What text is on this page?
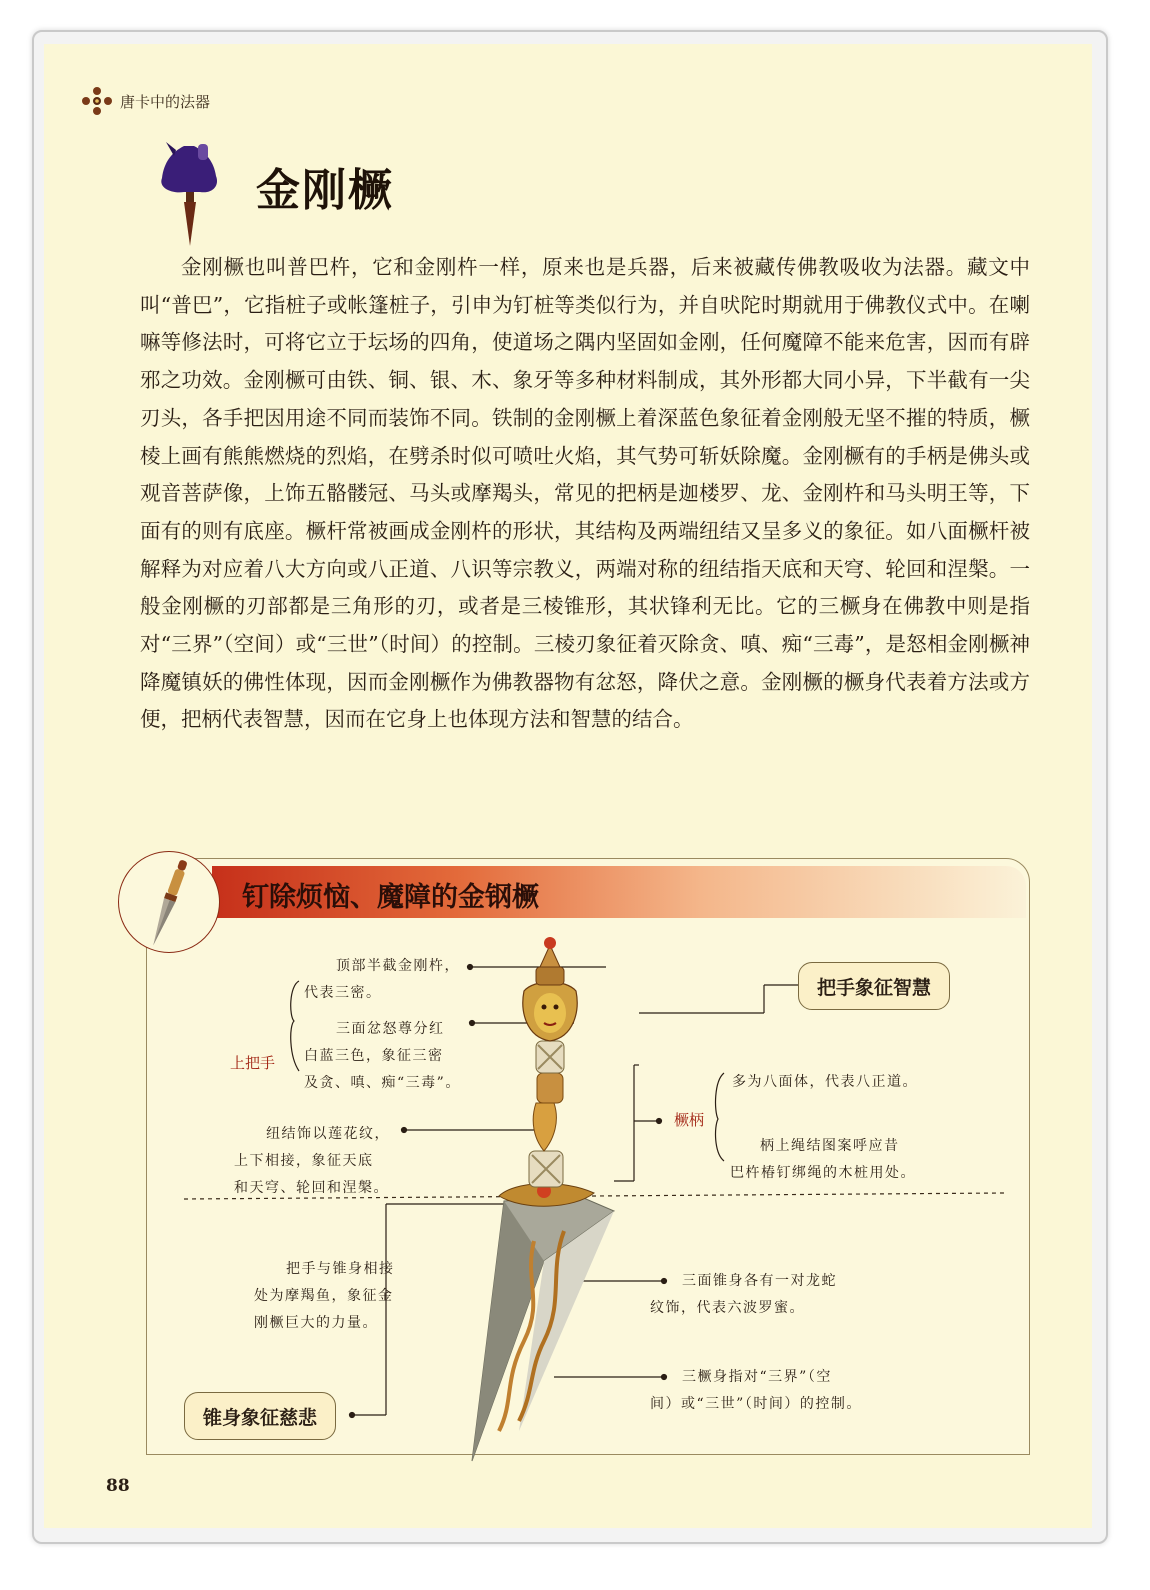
唐卡中的法器
金刚橛
金刚橛也叫普巴杵，它和金刚杵一样，原来也是兵器，后来被藏传佛教吸收为法器。藏文中叫“普巴”，它指桩子或帐篷桩子，引申为钉桩等类似行为，并自吠陀时期就用于佛教仪式中。在喇嘛等修法时，可将它立于坛场的四角，使道场之隅内坚固如金刚，任何魔障不能来危害，因而有辟邪之功效。金刚橛可由铁、铜、银、木、象牙等多种材料制成，其外形都大同小异，下半截有一尖刃头，各手把因用途不同而装饰不同。铁制的金刚橛上着深蓝色象征着金刚般无坚不摧的特质，橛棱上画有熊熊燃烧的烈焰，在劈杀时似可喷吐火焰，其气势可斩妖除魔。金刚橛有的手柄是佛头或观音菩萨像，上饰五骼髅冠、马头或摩羯头，常见的把柄是迦楼罗、龙、金刚杵和马头明王等，下面有的则有底座。橛杆常被画成金刚杵的形状，其结构及两端纽结又呈多义的象征。如八面橛杆被解释为对应着八大方向或八正道、八识等宗教义，两端对称的纽结指天底和天穹、轮回和涅槃。一般金刚橛的刃部都是三角形的刃，或者是三棱锥形，其状锋利无比。它的三橛身在佛教中则是指对“三界”（空间）或“三世”（时间）的控制。三棱刃象征着灭除贪、嗔、痴“三毒”，是怒相金刚橛神降魔镇妖的佛性体现，因而金刚橛作为佛教器物有忿怒，降伏之意。金刚橛的橛身代表着方法或方便，把柄代表智慧，因而在它身上也体现方法和智慧的结合。
钉除烦恼、魔障的金钢橛
上把手
顶部半截金刚杵，
代表三密。
三面忿怒尊分红
白蓝三色，象征三密
及贪、嗔、痴“三毒”。
纽结饰以莲花纹，
上下相接，象征天底
和天穹、轮回和涅槃。
把手象征智慧
橛柄
多为八面体，代表八正道。
柄上绳结图案呼应昔
巴杵椿钉绑绳的木桩用处。
把手与锥身相接
处为摩羯鱼，象征金
刚橛巨大的力量。
三面锥身各有一对龙蛇
纹饰，代表六波罗蜜。
三橛身指对“三界”（空
间）或“三世”（时间）的控制。
锥身象征慈悲
88
